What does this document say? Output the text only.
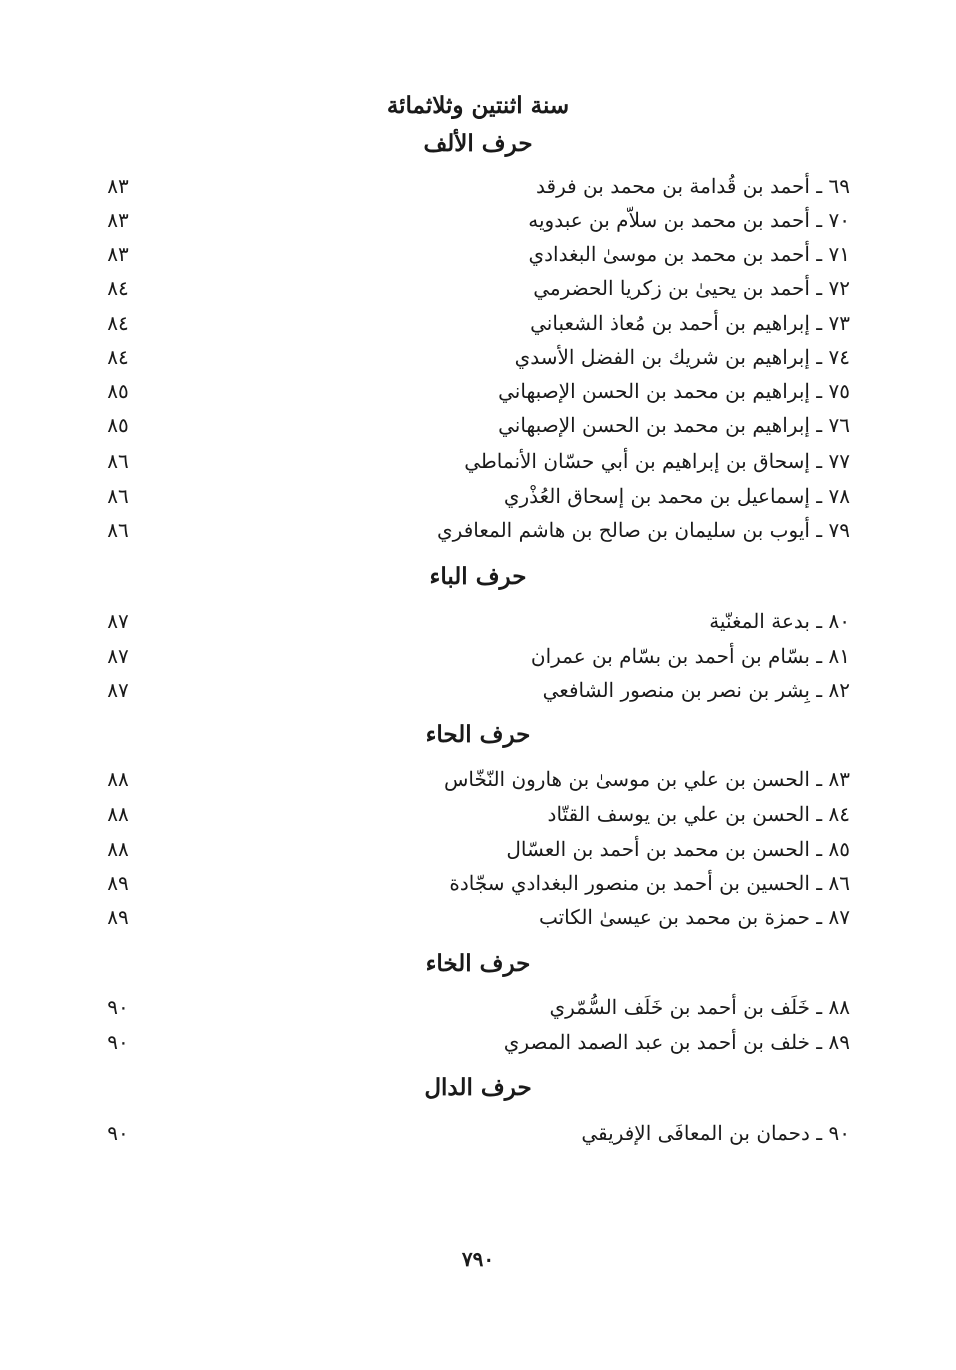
سنة اثنتين وثلاثمائة
حرف الألف
٦٩ ـ أحمد بن قُدامة بن محمد بن فرقد
٨٣
٧٠ ـ أحمد بن محمد بن سلاّم بن عبدويه
٨٣
٧١ ـ أحمد بن محمد بن موسىٰ البغدادي
٨٣
٧٢ ـ أحمد بن يحيىٰ بن زكريا الحضرمي
٨٤
٧٣ ـ إبراهيم بن أحمد بن مُعاذ الشعباني
٨٤
٧٤ ـ إبراهيم بن شريك بن الفضل الأسدي
٨٤
٧٥ ـ إبراهيم بن محمد بن الحسن الإصبهاني
٨٥
٧٦ ـ إبراهيم بن محمد بن الحسن الإصبهاني
٨٥
٧٧ ـ إسحاق بن إبراهيم بن أبي حسّان الأنماطي
٨٦
٧٨ ـ إسماعيل بن محمد بن إسحاق العُذْري
٨٦
٧٩ ـ أيوب بن سليمان بن صالح بن هاشم المعافري
٨٦
حرف الباء
٨٠ ـ بدعة المغنّية
٨٧
٨١ ـ بسّام بن أحمد بن بسّام بن عمران
٨٧
٨٢ ـ بِشر بن نصر بن منصور الشافعي
٨٧
حرف الحاء
٨٣ ـ الحسن بن علي بن موسىٰ بن هارون النّخّاس
٨٨
٨٤ ـ الحسن بن علي بن يوسف القتّاد
٨٨
٨٥ ـ الحسن بن محمد بن أحمد بن العسّال
٨٨
٨٦ ـ الحسين بن أحمد بن منصور البغدادي سجّادة
٨٩
٨٧ ـ حمزة بن محمد بن عيسىٰ الكاتب
٨٩
حرف الخاء
٨٨ ـ خَلَف بن أحمد بن خَلَف السُّمّري
٩٠
٨٩ ـ خلف بن أحمد بن عبد الصمد المصري
٩٠
حرف الدال
٩٠ ـ دحمان بن المعافَى الإفريقي
٩٠
٧٩٠
